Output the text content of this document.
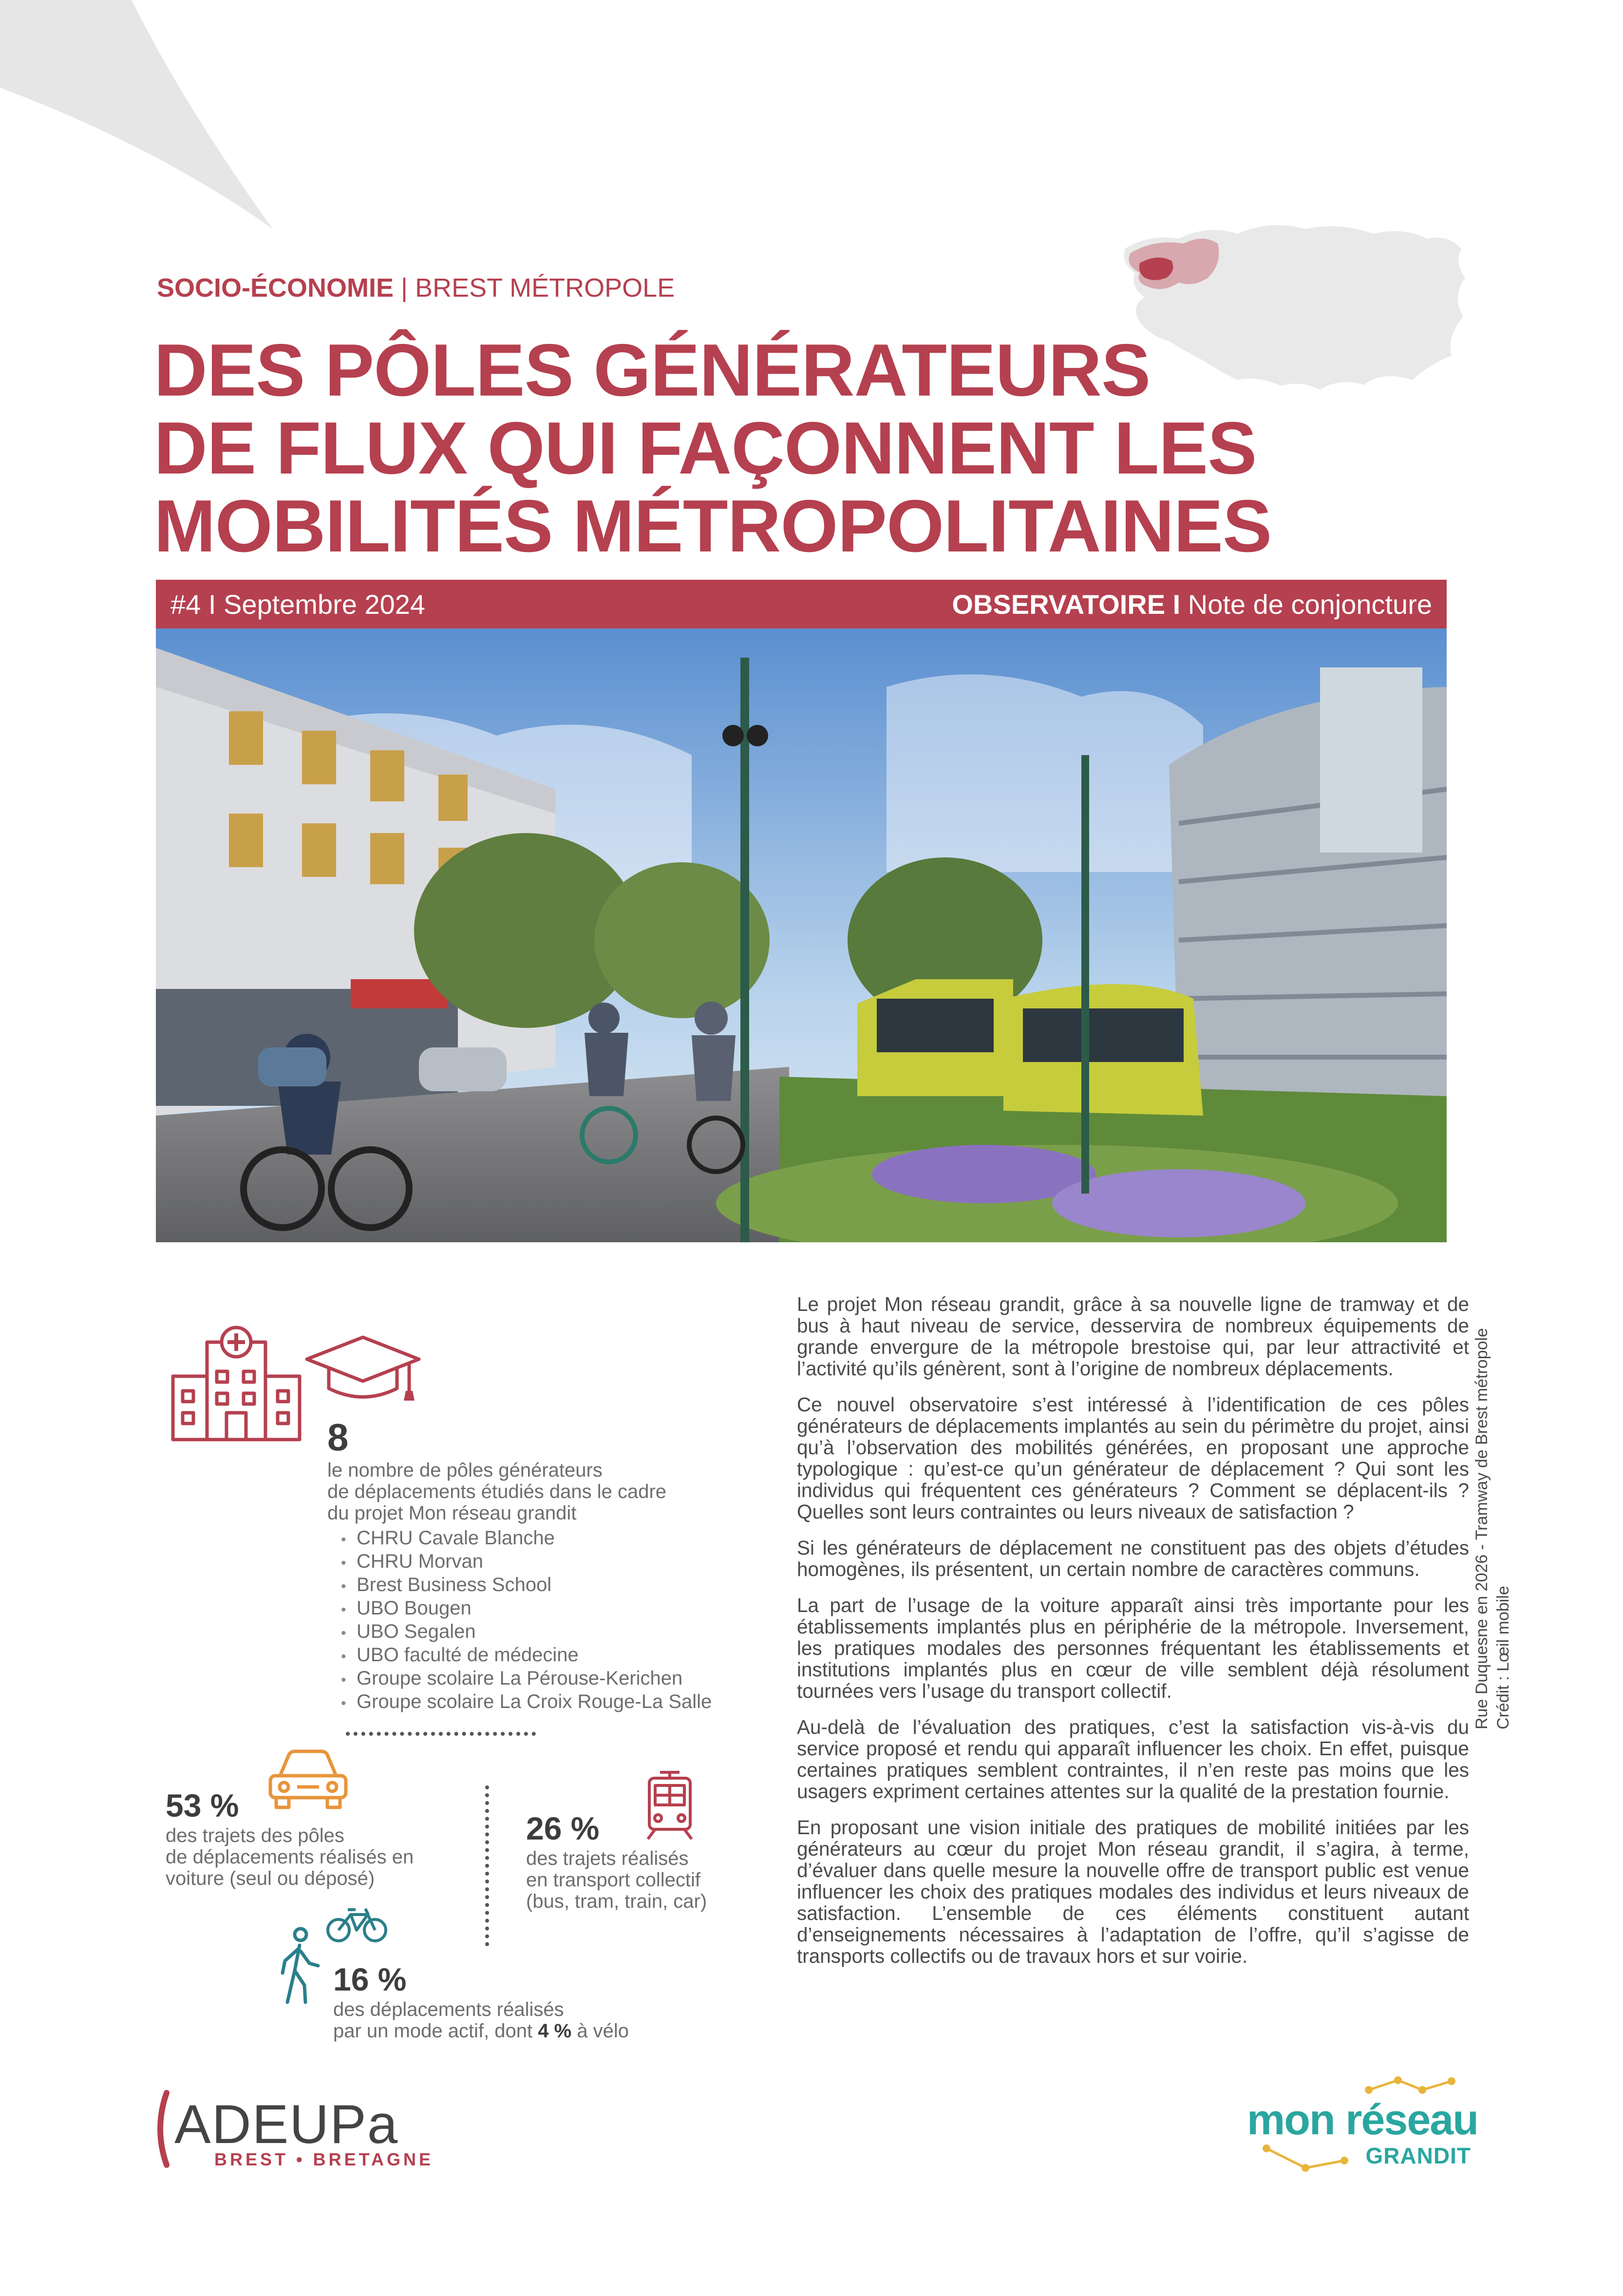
SOCIO-ÉCONOMIE | BREST MÉTROPOLE
DES PÔLES GÉNÉRATEURS
DE FLUX QUI FAÇONNENT LES
MOBILITÉS MÉTROPOLITAINES
#4 I Septembre 2024	OBSERVATOIRE I Note de conjoncture
Rue Duquesne en 2026 - Tramway de Brest métropole Crédit : Lœil mobile
8
le nombre de pôles générateurs
de déplacements étudiés dans le cadre
du projet Mon réseau grandit
• CHRU Cavale Blanche
• CHRU Morvan
• Brest Business School
• UBO Bougen
• UBO Segalen
• UBO faculté de médecine
• Groupe scolaire La Pérouse-Kerichen
• Groupe scolaire La Croix Rouge-La Salle
53 %
des trajets des pôles
de déplacements réalisés en
voiture (seul ou déposé)
26 %
des trajets réalisés
en transport collectif
(bus, tram, train, car)
16 %
des déplacements réalisés
par un mode actif, dont 4 % à vélo

Le projet Mon réseau grandit, grâce à sa nouvelle ligne de tramway et de bus à haut niveau de service, desservira de nombreux équipements de grande envergure de la métropole brestoise qui, par leur attractivité et l’activité qu’ils génèrent, sont à l’origine de nombreux déplacements.

Ce nouvel observatoire s’est intéressé à l’identification de ces pôles générateurs de déplacements implantés au sein du périmètre du projet, ainsi qu’à l’observation des mobilités générées, en proposant une approche typologique : qu’est-ce qu’un générateur de déplacement ? Qui sont les individus qui fréquentent ces générateurs ? Comment se déplacent-ils ? Quelles sont leurs contraintes ou leurs niveaux de satisfaction ?

Si les générateurs de déplacement ne constituent pas des objets d’études homogènes, ils présentent, un certain nombre de caractères communs.

La part de l’usage de la voiture apparaît ainsi très importante pour les établissements implantés plus en périphérie de la métropole. Inversement, les pratiques modales des personnes fréquentant les établissements et institutions implantés plus en cœur de ville semblent déjà résolument tournées vers l’usage du transport collectif.

Au-delà de l’évaluation des pratiques, c’est la satisfaction vis-à-vis du service proposé et rendu qui apparaît influencer les choix. En effet, puisque certaines pratiques semblent contraintes, il n’en reste pas moins que les usagers expriment certaines attentes sur la qualité de la prestation fournie.

En proposant une vision initiale des pratiques de mobilité initiées par les générateurs au cœur du projet Mon réseau grandit, il s’agira, à terme, d’évaluer dans quelle mesure la nouvelle offre de transport public est venue influencer les choix des pratiques modales des individus et leurs niveaux de satisfaction. L’ensemble de ces éléments constituent autant d’enseignements nécessaires à l’adaptation de l’offre, qu’il s’agisse de transports collectifs ou de travaux hors et sur voirie.

ADEUPa
BREST • BRETAGNE
mon réseau
GRANDIT
